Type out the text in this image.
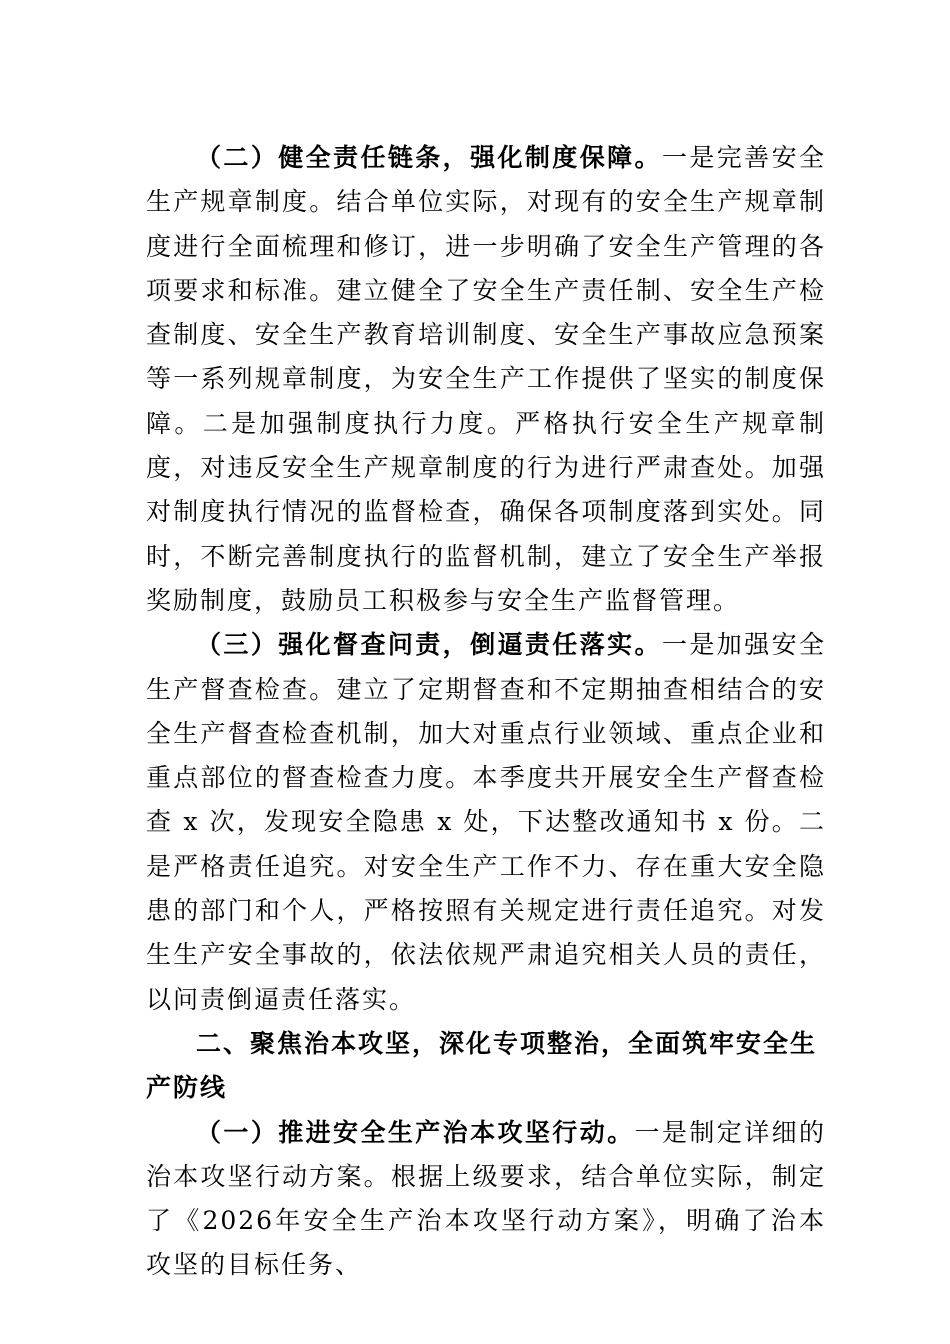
（二）健全责任链条，强化制度保障。一是完善安全生产规章制度。结合单位实际，对现有的安全生产规章制度进行全面梳理和修订，进一步明确了安全生产管理的各项要求和标准。建立健全了安全生产责任制、安全生产检查制度、安全生产教育培训制度、安全生产事故应急预案等一系列规章制度，为安全生产工作提供了坚实的制度保障。二是加强制度执行力度。严格执行安全生产规章制度，对违反安全生产规章制度的行为进行严肃查处。加强对制度执行情况的监督检查，确保各项制度落到实处。同时，不断完善制度执行的监督机制，建立了安全生产举报奖励制度，鼓励员工积极参与安全生产监督管理。

（三）强化督查问责，倒逼责任落实。一是加强安全生产督查检查。建立了定期督查和不定期抽查相结合的安全生产督查检查机制，加大对重点行业领域、重点企业和重点部位的督查检查力度。本季度共开展安全生产督查检查 x 次，发现安全隐患 x 处，下达整改通知书 x 份。二是严格责任追究。对安全生产工作不力、存在重大安全隐患的部门和个人，严格按照有关规定进行责任追究。对发生生产安全事故的，依法依规严肃追究相关人员的责任，以问责倒逼责任落实。

二、聚焦治本攻坚，深化专项整治，全面筑牢安全生产防线

（一）推进安全生产治本攻坚行动。一是制定详细的治本攻坚行动方案。根据上级要求，结合单位实际，制定了《2026年安全生产治本攻坚行动方案》，明确了治本攻坚的目标任务、
